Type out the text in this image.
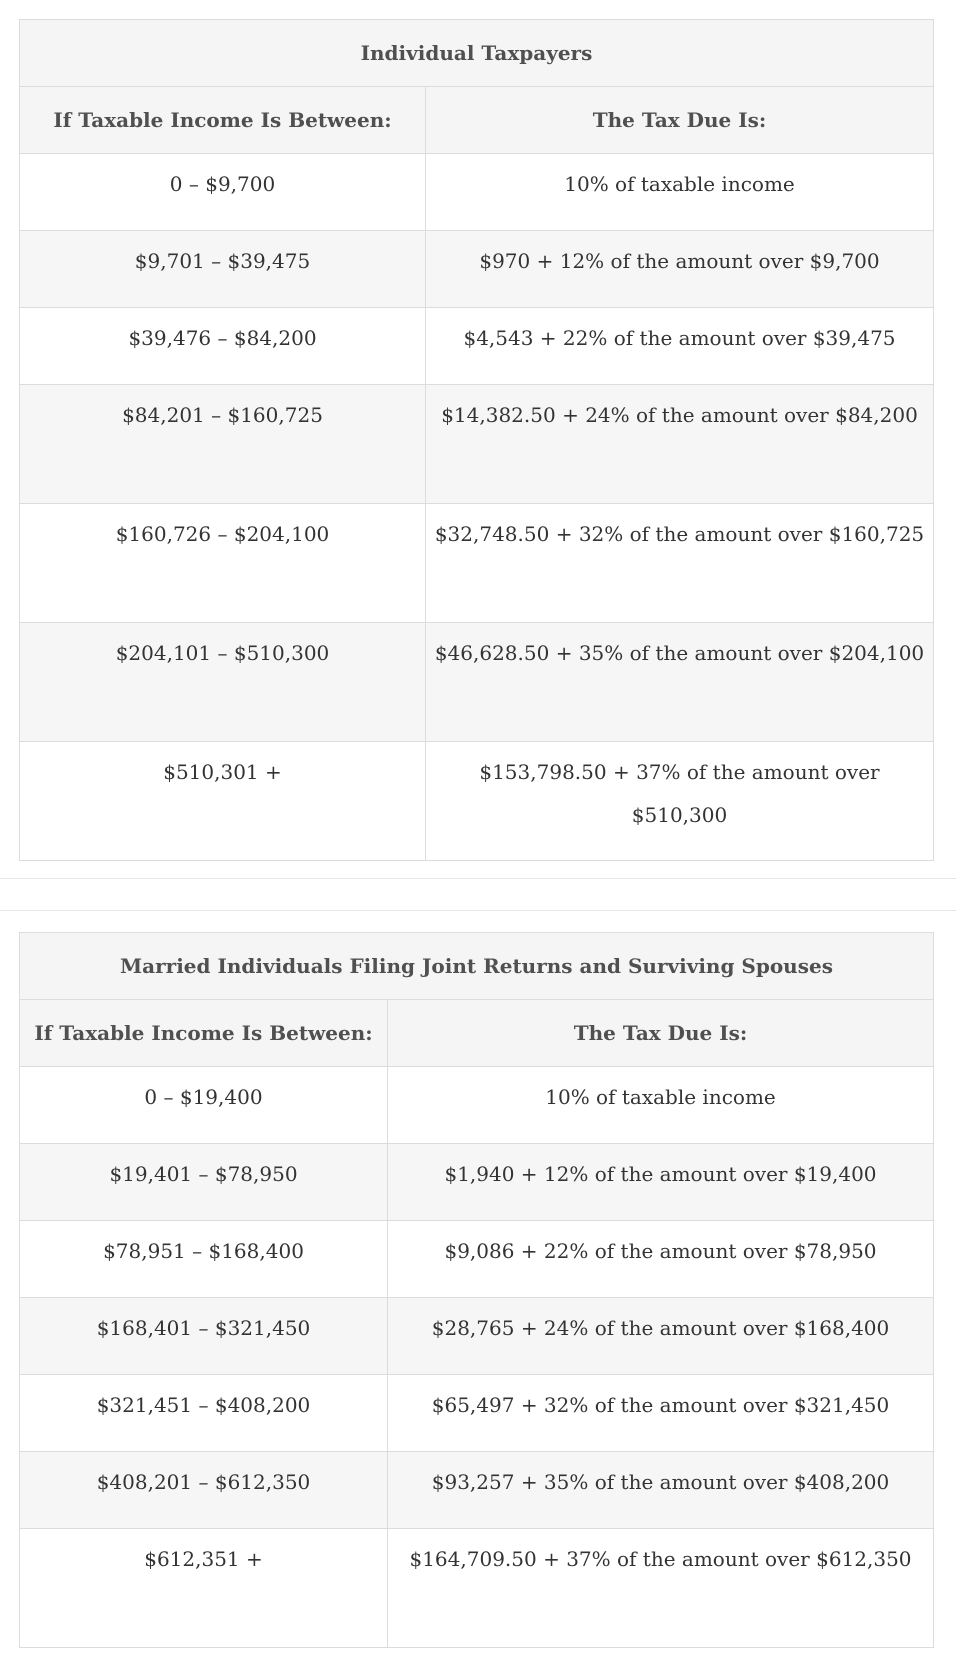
Individual Taxpayers	
If Taxable Income Is Between:	The Tax Due Is:

0 – $9,700	10% of taxable income

$9,701 – $39,475	$970 + 12% of the amount over $9,700

$39,476 – $84,200	$4,543 + 22% of the amount over $39,475

$84,201 – $160,725	$14,382.50 + 24% of the amount over $84,200

$160,726 – $204,100	$32,748.50 + 32% of the amount over $160,725

$204,101 – $510,300	$46,628.50 + 35% of the amount over $204,100

$510,301 +	$153,798.50 + 37% of the amount over $510,300
Married Individuals Filing Joint Returns and Surviving Spouses	
If Taxable Income Is Between:	The Tax Due Is:

0 – $19,400	10% of taxable income

$19,401 – $78,950	$1,940 + 12% of the amount over $19,400

$78,951 – $168,400	$9,086 + 22% of the amount over $78,950

$168,401 – $321,450	$28,765 + 24% of the amount over $168,400

$321,451 – $408,200	$65,497 + 32% of the amount over $321,450

$408,201 – $612,350	$93,257 + 35% of the amount over $408,200

$612,351 +	$164,709.50 + 37% of the amount over $612,350
